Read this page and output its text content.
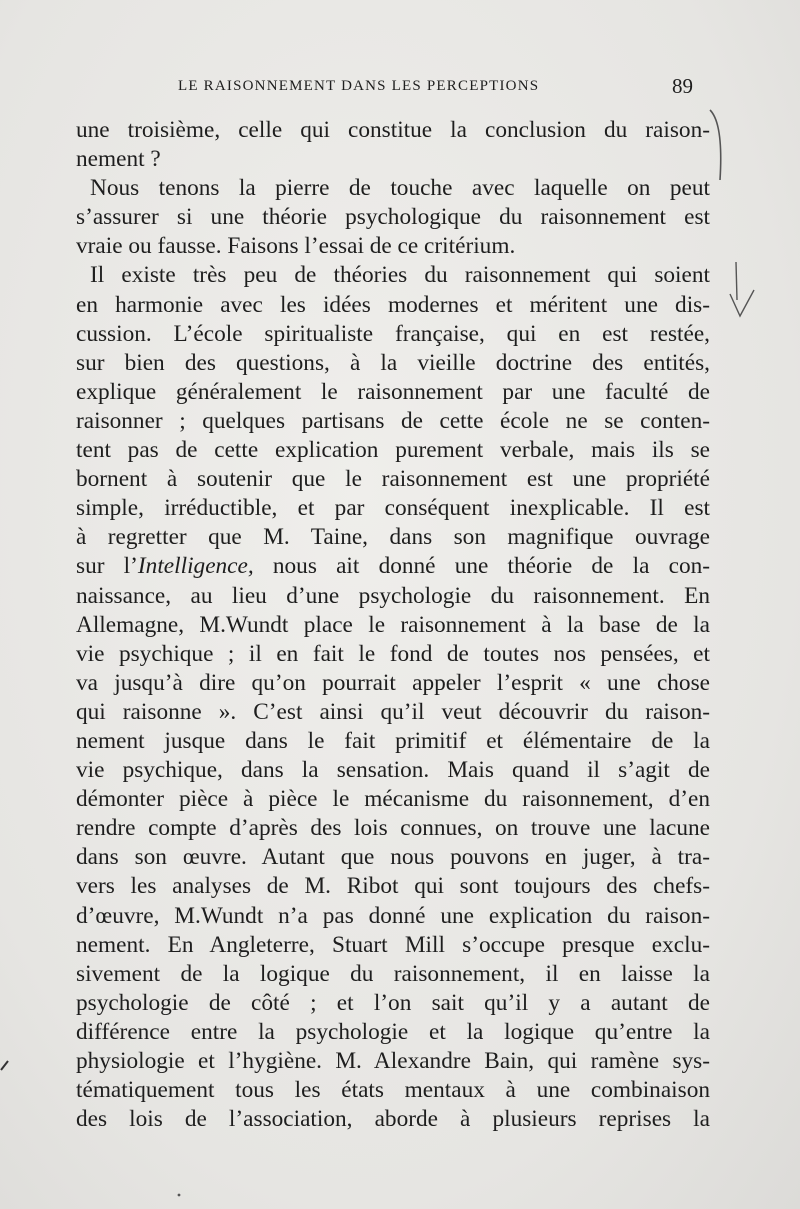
LE RAISONNEMENT DANS LES PERCEPTIONS	89
une troisième, celle qui constitue la conclusion du raison-
nement ?
Nous tenons la pierre de touche avec laquelle on peut
s’assurer si une théorie psychologique du raisonnement est
vraie ou fausse. Faisons l’essai de ce critérium.
Il existe très peu de théories du raisonnement qui soient
en harmonie avec les idées modernes et méritent une dis-
cussion. L’école spiritualiste française, qui en est restée,
sur bien des questions, à la vieille doctrine des entités,
explique généralement le raisonnement par une faculté de
raisonner ; quelques partisans de cette école ne se conten-
tent pas de cette explication purement verbale, mais ils se
bornent à soutenir que le raisonnement est une propriété
simple, irréductible, et par conséquent inexplicable. Il est
à regretter que M. Taine, dans son magnifique ouvrage
sur l’Intelligence, nous ait donné une théorie de la con-
naissance, au lieu d’une psychologie du raisonnement. En
Allemagne, M.Wundt place le raisonnement à la base de la
vie psychique ; il en fait le fond de toutes nos pensées, et
va jusqu’à dire qu’on pourrait appeler l’esprit « une chose
qui raisonne ». C’est ainsi qu’il veut découvrir du raison-
nement jusque dans le fait primitif et élémentaire de la
vie psychique, dans la sensation. Mais quand il s’agit de
démonter pièce à pièce le mécanisme du raisonnement, d’en
rendre compte d’après des lois connues, on trouve une lacune
dans son œuvre. Autant que nous pouvons en juger, à tra-
vers les analyses de M. Ribot qui sont toujours des chefs-
d’œuvre, M.Wundt n’a pas donné une explication du raison-
nement. En Angleterre, Stuart Mill s’occupe presque exclu-
sivement de la logique du raisonnement, il en laisse la
psychologie de côté ; et l’on sait qu’il y a autant de
différence entre la psychologie et la logique qu’entre la
physiologie et l’hygiène. M. Alexandre Bain, qui ramène sys-
tématiquement tous les états mentaux à une combinaison
des lois de l’association, aborde à plusieurs reprises la
